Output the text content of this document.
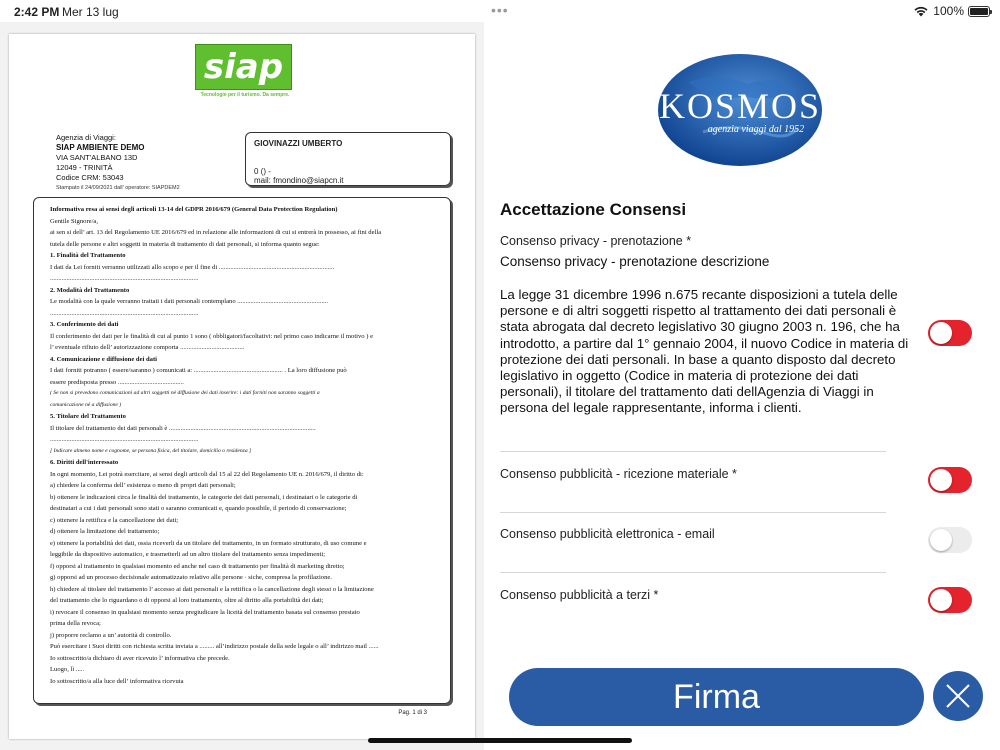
2:42 PM Mer 13 lug	•••	100%
siap
Tecnologie per il turismo. Da sempre.
Agenzia di Viaggi:
SIAP AMBIENTE DEMO
VIA SANT'ALBANO 13D
12049 - TRINITÀ
Codice CRM: 53043
Stampato il 24/09/2021 dall' operatore: SIAPDEM2
GIOVINAZZI UMBERTO
0 () -
mail: fmondino@siapcn.it
Informativa resa ai sensi degli articoli 13-14 del GDPR 2016/679 (General Data Protection Regulation)
Gentile Signore/a,
ai sen si dell’ art. 13 del Regolamento UE 2016/679 ed in relazione alle informazioni di cui si entrerà in possesso, ai fini della
tutela delle persone e altri soggetti in materia di trattamento di dati personali, si informa quanto segue:
1. Finalità del Trattamento
I dati da Lei forniti verranno utilizzati allo scopo e per il fine di ......................................................................
..........................................................................................
2. Modalità del Trattamento
Le modalità con la quale verranno trattati i dati personali contemplano .......................................................
..........................................................................................
3. Conferimento dei dati
Il conferimento dei dati per le finalità di cui al punto 1 sono ( obbligatori/facoltativi: nel primo caso indicarne il motivo ) e
l’ eventuale rifiuto dell’ autorizzazione comporta .......................................
4. Comunicazione e diffusione dei dati
I dati forniti potranno ( essere/saranno ) comunicati a: ...................................................... . La loro diffusione può
essere predisposta presso ........................................
( Se non si prevedono comunicazioni ad altri soggetti né diffusione dei dati inserire: i dati forniti non saranno soggetti a
comunicazione né a diffusione )
5. Titolare del Trattamento
Il titolare del trattamento dei dati personali è .........................................................................................
..........................................................................................
[ Indicare almeno nome e cognome, se persona fisica, del titolare, domicilio o residenza ]
6. Diritti dell'interessato
In ogni momento, Lei potrà esercitare, ai sensi degli articoli dal 15 al 22 del Regolamento UE n. 2016/679, il diritto di:
a) chiedere la conferma dell’ esistenza o meno di propri dati personali;
b) ottenere le indicazioni circa le finalità del trattamento, le categorie dei dati personali, i destinatari o le categorie di
destinatari a cui i dati personali sono stati o saranno comunicati e, quando possibile, il periodo di conservazione;
c) ottenere la rettifica e la cancellazione dei dati;
d) ottenere la limitazione del trattamento;
e) ottenere la portabilità dei dati, ossia riceverli da un titolare del trattamento, in un formato strutturato, di uso comune e
leggibile da dispositivo automatico, e trasmetterli ad un altro titolare del trattamento senza impedimenti;
f) opporsi al trattamento in qualsiasi momento ed anche nel caso di trattamento per finalità di marketing diretto;
g) opporsi ad un processo decisionale automatizzato relativo alle persone · siche, compresa la profilazione.
h) chiedere al titolare del trattamento l’ accesso ai dati personali e la rettifica o la cancellazione degli stessi o la limitazione
del trattamento che lo riguardano o di opporsi al loro trattamento, oltre al diritto alla portabilità dei dati;
i) revocare il consenso in qualsiasi momento senza pregiudicare la liceità del trattamento basata sul consenso prestato
prima della revoca;
j) proporre reclamo a un’ autorità di controllo.
Può esercitare i Suoi diritti con richiesta scritta inviata a ......... all’indirizzo postale della sede legale o all’ indirizzo mail ......
Io sottoscritto/a dichiaro di aver ricevuto l’ informativa che precede.
Luogo, lì .....
Io sottoscritto/a alla luce dell’ informativa ricevuta
Pag. 1 di 3
KOSMOS
agenzia viaggi dal 1952
Accettazione Consensi
Consenso privacy - prenotazione *
Consenso privacy - prenotazione descrizione
La legge 31 dicembre 1996 n.675 recante disposizioni a tutela delle persone e di altri soggetti rispetto al trattamento dei dati personali è stata abrogata dal decreto legislativo 30 giugno 2003 n. 196, che ha introdotto, a partire dal 1° gennaio 2004, il nuovo Codice in materia di protezione dei dati personali. In base a quanto disposto dal decreto legislativo in oggetto (Codice in materia di protezione dei dati personali), il titolare del trattamento dati dellAgenzia di Viaggi in persona del legale rappresentante, informa i clienti.
Consenso pubblicità - ricezione materiale *
Consenso pubblicità elettronica - email
Consenso pubblicità a terzi *
Firma
